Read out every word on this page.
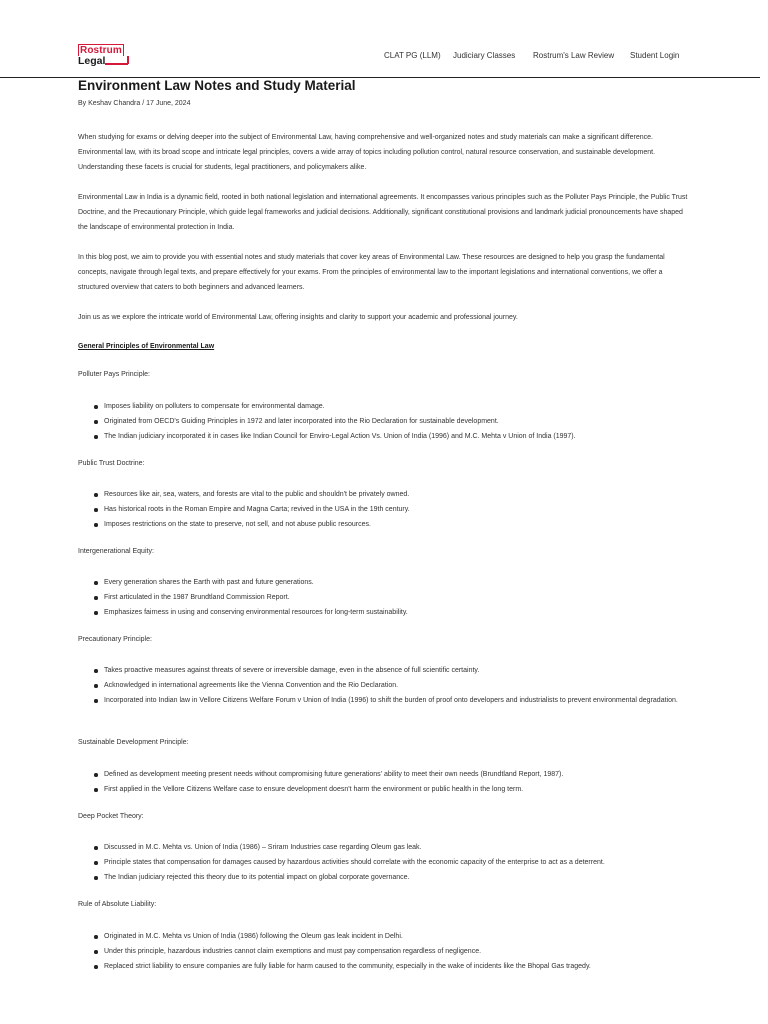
Rostrum
Legal	CLAT PG (LLM) Judiciary Classes Rostrum's Law Review Student Login
Environment Law Notes and Study Material
By Keshav Chandra / 17 June, 2024

When studying for exams or delving deeper into the subject of Environmental Law, having comprehensive and well-organized notes and study materials can make a significant difference. Environmental law, with its broad scope and intricate legal principles, covers a wide array of topics including pollution control, natural resource conservation, and sustainable development. Understanding these facets is crucial for students, legal practitioners, and policymakers alike.

Environmental Law in India is a dynamic field, rooted in both national legislation and international agreements. It encompasses various principles such as the Polluter Pays Principle, the Public Trust Doctrine, and the Precautionary Principle, which guide legal frameworks and judicial decisions. Additionally, significant constitutional provisions and landmark judicial pronouncements have shaped the landscape of environmental protection in India.

In this blog post, we aim to provide you with essential notes and study materials that cover key areas of Environmental Law. These resources are designed to help you grasp the fundamental concepts, navigate through legal texts, and prepare effectively for your exams. From the principles of environmental law to the important legislations and international conventions, we offer a structured overview that caters to both beginners and advanced learners.

Join us as we explore the intricate world of Environmental Law, offering insights and clarity to support your academic and professional journey.

General Principles of Environmental Law
Polluter Pays Principle:
Imposes liability on polluters to compensate for environmental damage.
Originated from OECD's Guiding Principles in 1972 and later incorporated into the Rio Declaration for sustainable development.
The Indian judiciary incorporated it in cases like Indian Council for Enviro-Legal Action Vs. Union of India (1996) and M.C. Mehta v Union of India (1997).
Public Trust Doctrine:
Resources like air, sea, waters, and forests are vital to the public and shouldn't be privately owned.
Has historical roots in the Roman Empire and Magna Carta; revived in the USA in the 19th century.
Imposes restrictions on the state to preserve, not sell, and not abuse public resources.
Intergenerational Equity:
Every generation shares the Earth with past and future generations.
First articulated in the 1987 Brundtland Commission Report.
Emphasizes fairness in using and conserving environmental resources for long-term sustainability.
Precautionary Principle:
Takes proactive measures against threats of severe or irreversible damage, even in the absence of full scientific certainty.
Acknowledged in international agreements like the Vienna Convention and the Rio Declaration.
Incorporated into Indian law in Vellore Citizens Welfare Forum v Union of India (1996) to shift the burden of proof onto developers and industrialists to prevent environmental degradation.
Sustainable Development Principle:
Defined as development meeting present needs without compromising future generations' ability to meet their own needs (Brundtland Report, 1987).
First applied in the Vellore Citizens Welfare case to ensure development doesn't harm the environment or public health in the long term.
Deep Pocket Theory:
Discussed in M.C. Mehta vs. Union of India (1986) – Sriram Industries case regarding Oleum gas leak.
Principle states that compensation for damages caused by hazardous activities should correlate with the economic capacity of the enterprise to act as a deterrent.
The Indian judiciary rejected this theory due to its potential impact on global corporate governance.
Rule of Absolute Liability:
Originated in M.C. Mehta vs Union of India (1986) following the Oleum gas leak incident in Delhi.
Under this principle, hazardous industries cannot claim exemptions and must pay compensation regardless of negligence.
Replaced strict liability to ensure companies are fully liable for harm caused to the community, especially in the wake of incidents like the Bhopal Gas tragedy.
